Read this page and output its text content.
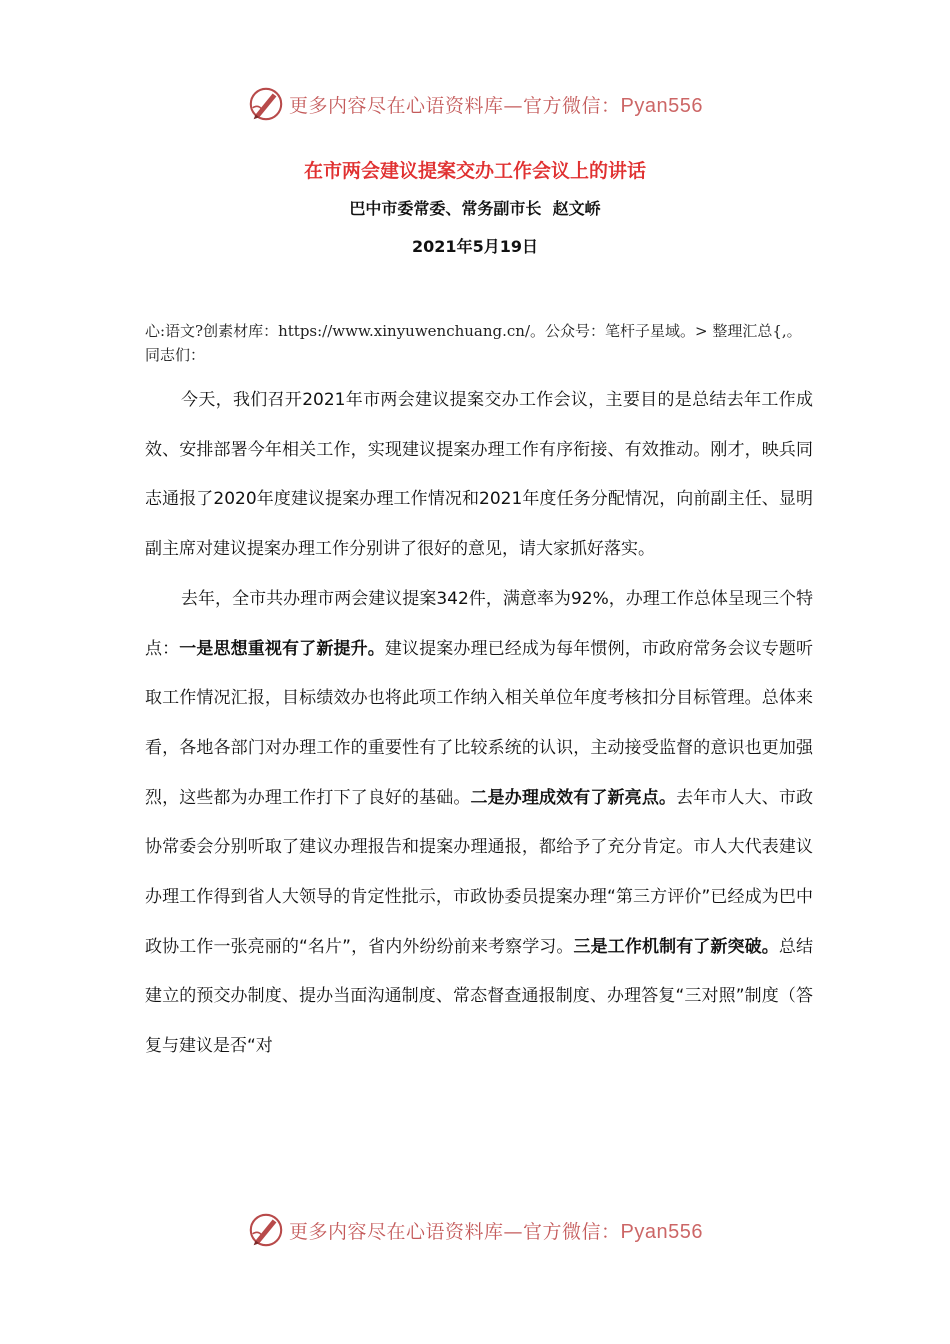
更多内容尽在心语资料库—官方微信：Pyan556
在市两会建议提案交办工作会议上的讲话
巴中市委常委、常务副市长  赵文峤
2021年5月19日
心:语文?创素材库：https://www.xinyuwenchuang.cn/。公众号：笔杆子星域。> 整理汇总{,。同志们：

今天，我们召开2021年市两会建议提案交办工作会议，主要目的是总结去年工作成效、安排部署今年相关工作，实现建议提案办理工作有序衔接、有效推动。刚才，映兵同志通报了2020年度建议提案办理工作情况和2021年度任务分配情况，向前副主任、显明副主席对建议提案办理工作分别讲了很好的意见，请大家抓好落实。

去年，全市共办理市两会建议提案342件，满意率为92%，办理工作总体呈现三个特点：一是思想重视有了新提升。建议提案办理已经成为每年惯例，市政府常务会议专题听取工作情况汇报，目标绩效办也将此项工作纳入相关单位年度考核扣分目标管理。总体来看，各地各部门对办理工作的重要性有了比较系统的认识，主动接受监督的意识也更加强烈，这些都为办理工作打下了良好的基础。二是办理成效有了新亮点。去年市人大、市政协常委会分别听取了建议办理报告和提案办理通报，都给予了充分肯定。市人大代表建议办理工作得到省人大领导的肯定性批示，市政协委员提案办理“第三方评价”已经成为巴中政协工作一张亮丽的“名片”，省内外纷纷前来考察学习。三是工作机制有了新突破。总结建立的预交办制度、提办当面沟通制度、常态督查通报制度、办理答复“三对照”制度（答复与建议是否“对

更多内容尽在心语资料库—官方微信：Pyan556
